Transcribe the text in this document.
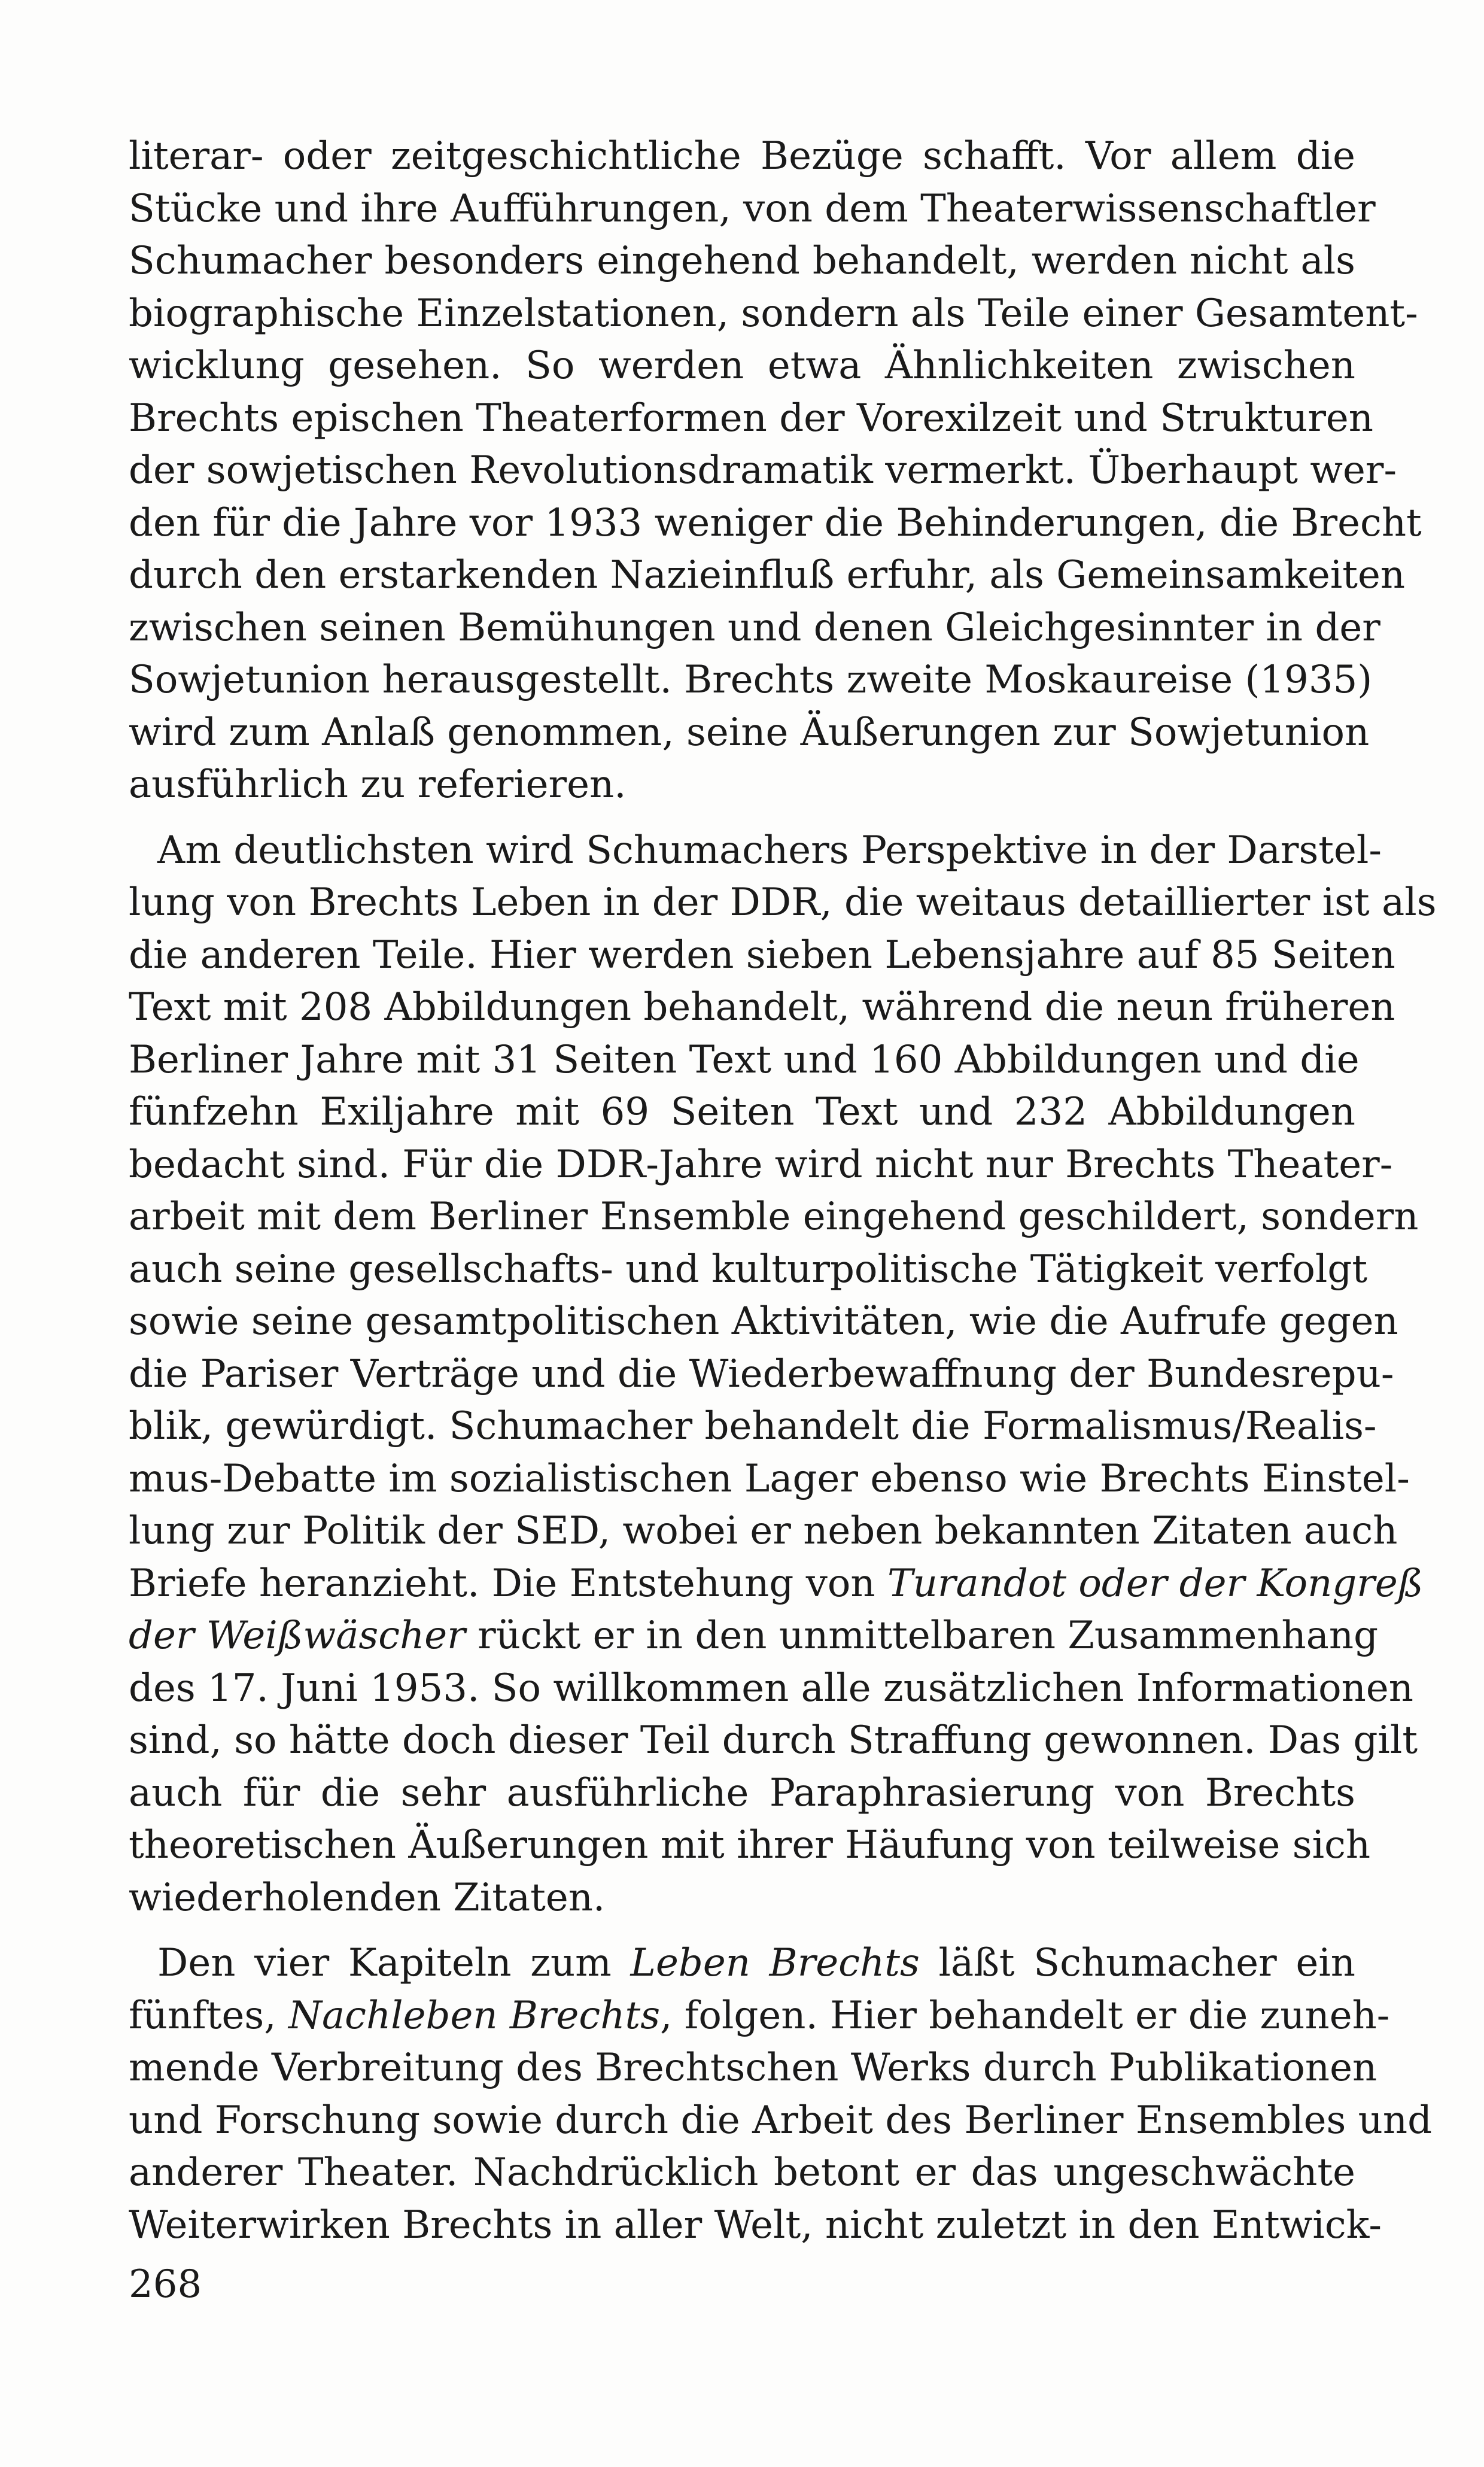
literar- oder zeitgeschichtliche Bezüge schafft. Vor allem die
Stücke und ihre Aufführungen, von dem Theaterwissenschaftler
Schumacher besonders eingehend behandelt, werden nicht als
biographische Einzelstationen, sondern als Teile einer Gesamtent-
wicklung gesehen. So werden etwa Ähnlichkeiten zwischen
Brechts epischen Theaterformen der Vorexilzeit und Strukturen
der sowjetischen Revolutionsdramatik vermerkt. Überhaupt wer-
den für die Jahre vor 1933 weniger die Behinderungen, die Brecht
durch den erstarkenden Nazieinfluß erfuhr, als Gemeinsamkeiten
zwischen seinen Bemühungen und denen Gleichgesinnter in der
Sowjetunion herausgestellt. Brechts zweite Moskaureise (1935)
wird zum Anlaß genommen, seine Äußerungen zur Sowjetunion
ausführlich zu referieren.
Am deutlichsten wird Schumachers Perspektive in der Darstel-
lung von Brechts Leben in der DDR, die weitaus detaillierter ist als
die anderen Teile. Hier werden sieben Lebensjahre auf 85 Seiten
Text mit 208 Abbildungen behandelt, während die neun früheren
Berliner Jahre mit 31 Seiten Text und 160 Abbildungen und die
fünfzehn Exiljahre mit 69 Seiten Text und 232 Abbildungen
bedacht sind. Für die DDR-Jahre wird nicht nur Brechts Theater-
arbeit mit dem Berliner Ensemble eingehend geschildert, sondern
auch seine gesellschafts- und kulturpolitische Tätigkeit verfolgt
sowie seine gesamtpolitischen Aktivitäten, wie die Aufrufe gegen
die Pariser Verträge und die Wiederbewaffnung der Bundesrepu-
blik, gewürdigt. Schumacher behandelt die Formalismus/Realis-
mus-Debatte im sozialistischen Lager ebenso wie Brechts Einstel-
lung zur Politik der SED, wobei er neben bekannten Zitaten auch
Briefe heranzieht. Die Entstehung von Turandot oder der Kongreß
der Weißwäscher rückt er in den unmittelbaren Zusammenhang
des 17. Juni 1953. So willkommen alle zusätzlichen Informationen
sind, so hätte doch dieser Teil durch Straffung gewonnen. Das gilt
auch für die sehr ausführliche Paraphrasierung von Brechts
theoretischen Äußerungen mit ihrer Häufung von teilweise sich
wiederholenden Zitaten.
Den vier Kapiteln zum Leben Brechts läßt Schumacher ein
fünftes, Nachleben Brechts, folgen. Hier behandelt er die zuneh-
mende Verbreitung des Brechtschen Werks durch Publikationen
und Forschung sowie durch die Arbeit des Berliner Ensembles und
anderer Theater. Nachdrücklich betont er das ungeschwächte
Weiterwirken Brechts in aller Welt, nicht zuletzt in den Entwick-
268
